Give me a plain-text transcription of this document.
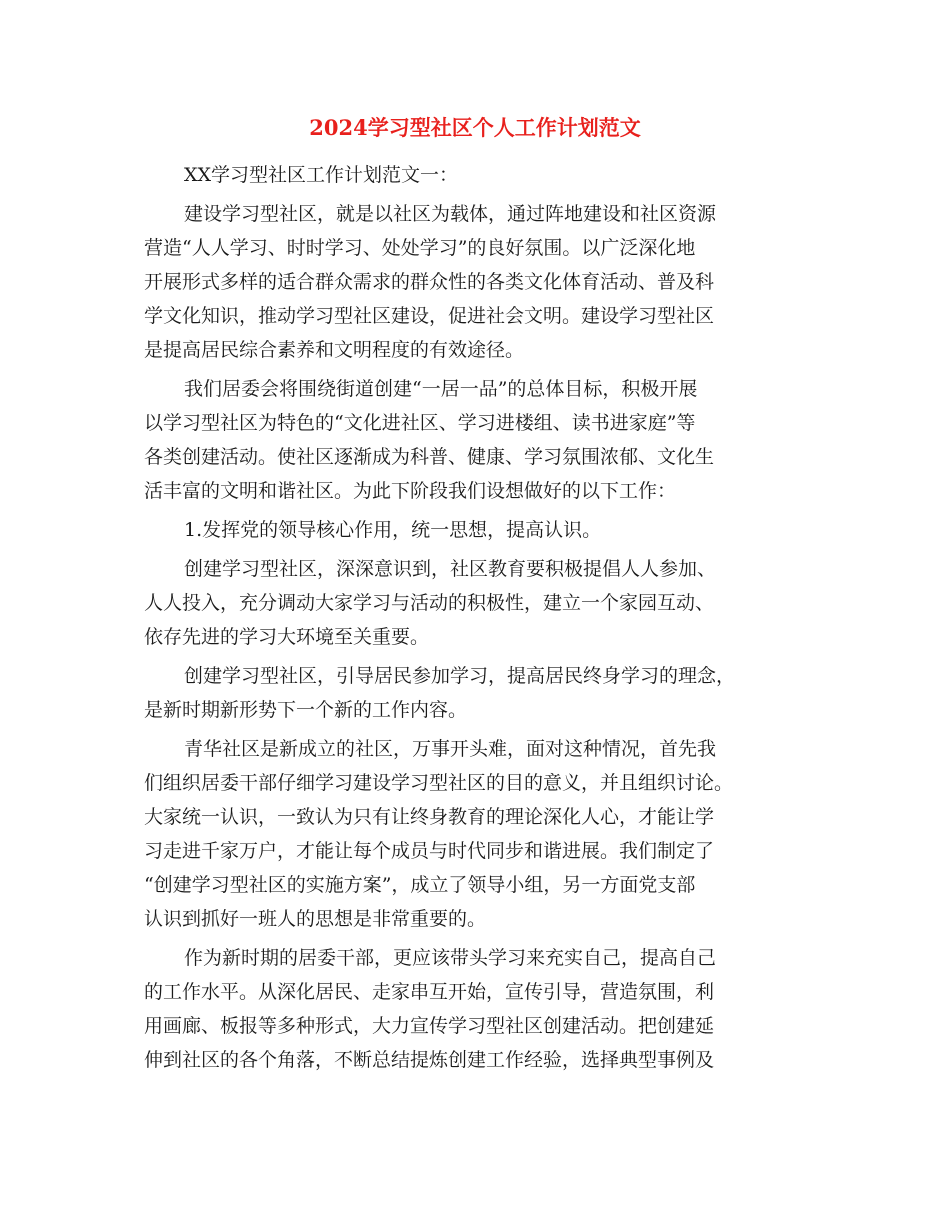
2024学习型社区个人工作计划范文
XX学习型社区工作计划范文一：
建设学习型社区，就是以社区为载体，通过阵地建设和社区资源
营造“人人学习、时时学习、处处学习”的良好氛围。以广泛深化地
开展形式多样的适合群众需求的群众性的各类文化体育活动、普及科
学文化知识，推动学习型社区建设，促进社会文明。建设学习型社区
是提高居民综合素养和文明程度的有效途径。
我们居委会将围绕街道创建“一居一品”的总体目标，积极开展
以学习型社区为特色的“文化进社区、学习进楼组、读书进家庭”等
各类创建活动。使社区逐渐成为科普、健康、学习氛围浓郁、文化生
活丰富的文明和谐社区。为此下阶段我们设想做好的以下工作：
1.发挥党的领导核心作用，统一思想，提高认识。
创建学习型社区，深深意识到，社区教育要积极提倡人人参加、
人人投入，充分调动大家学习与活动的积极性，建立一个家园互动、
依存先进的学习大环境至关重要。
创建学习型社区，引导居民参加学习，提高居民终身学习的理念，
是新时期新形势下一个新的工作内容。
青华社区是新成立的社区，万事开头难，面对这种情况，首先我
们组织居委干部仔细学习建设学习型社区的目的意义，并且组织讨论。
大家统一认识，一致认为只有让终身教育的理论深化人心，才能让学
习走进千家万户，才能让每个成员与时代同步和谐进展。我们制定了
“创建学习型社区的实施方案”，成立了领导小组，另一方面党支部
认识到抓好一班人的思想是非常重要的。
作为新时期的居委干部，更应该带头学习来充实自己，提高自己
的工作水平。从深化居民、走家串互开始，宣传引导，营造氛围，利
用画廊、板报等多种形式，大力宣传学习型社区创建活动。把创建延
伸到社区的各个角落，不断总结提炼创建工作经验，选择典型事例及
